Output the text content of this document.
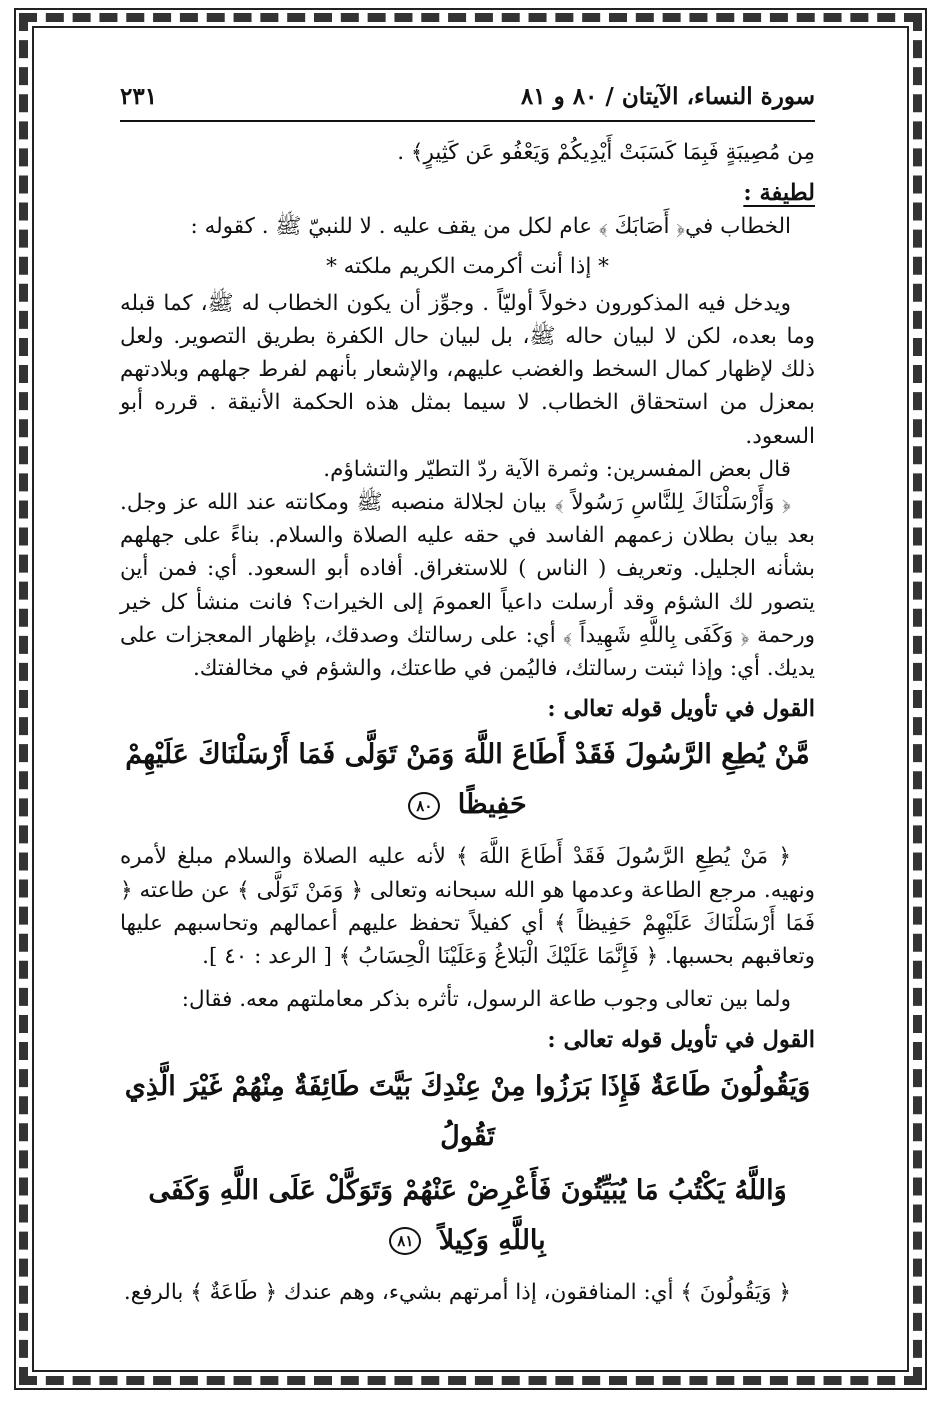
سورة النساء، الآيتان / ٨٠ و ٨١
٢٣١

مِن مُصِيبَةٍ فَبِمَا كَسَبَتْ أَيْدِيكُمْ وَيَعْفُو عَن كَثِيرٍ﴾ .

لطيفة :

الخطاب في﴿ أَصَابَكَ ﴾ عام لكل من يقف عليه . لا للنبيّ ﷺ . كقوله :

* إذا أنت أكرمت الكريم ملكته *

ويدخل فيه المذكورون دخولاً أوليّاً . وجوِّز أن يكون الخطاب له ﷺ، كما قبله وما بعده، لكن لا لبيان حاله ﷺ، بل لبيان حال الكفرة بطريق التصوير. ولعل ذلك لإظهار كمال السخط والغضب عليهم، والإشعار بأنهم لفرط جهلهم وبلادتهم بمعزل من استحقاق الخطاب. لا سيما بمثل هذه الحكمة الأنيقة . قرره أبو السعود.

قال بعض المفسرين: وثمرة الآية ردّ التطيّر والتشاؤم.

﴿ وَأَرْسَلْنَاكَ لِلنَّاسِ رَسُولاً ﴾ بيان لجلالة منصبه ﷺ ومكانته عند الله عز وجل. بعد بيان بطلان زعمهم الفاسد في حقه عليه الصلاة والسلام. بناءً على جهلهم بشأنه الجليل. وتعريف ( الناس ) للاستغراق. أفاده أبو السعود. أي: فمن أين يتصور لك الشؤم وقد أرسلت داعياً العمومَ إلى الخيرات؟ فانت منشأ كل خير ورحمة ﴿ وَكَفَى بِاللَّهِ شَهِيداً ﴾ أي: على رسالتك وصدقك، بإظهار المعجزات على يديك. أي: وإذا ثبتت رسالتك، فاليُمن في طاعتك، والشؤم في مخالفتك.

القول في تأويل قوله تعالى :

مَّنْ يُطِعِ الرَّسُولَ فَقَدْ أَطَاعَ اللَّهَ وَمَنْ تَوَلَّى فَمَا أَرْسَلْنَاكَ عَلَيْهِمْ حَفِيظًا ٨٠

﴿ مَنْ يُطِعِ الرَّسُولَ فَقَدْ أَطَاعَ اللَّهَ ﴾ لأنه عليه الصلاة والسلام مبلغ لأمره ونهيه. مرجع الطاعة وعدمها هو الله سبحانه وتعالى ﴿ وَمَنْ تَوَلَّى ﴾ عن طاعته ﴿ فَمَا أَرْسَلْنَاكَ عَلَيْهِمْ حَفِيظاً ﴾ أي كفيلاً تحفظ عليهم أعمالهم وتحاسبهم عليها وتعاقبهم بحسبها. ﴿ فَإِنَّمَا عَلَيْكَ الْبَلاغُ وَعَلَيْنَا الْحِسَابُ ﴾ [ الرعد : ٤٠ ].

ولما بين تعالى وجوب طاعة الرسول، تأثره بذكر معاملتهم معه. فقال:

القول في تأويل قوله تعالى :

وَيَقُولُونَ طَاعَةٌ فَإِذَا بَرَزُوا مِنْ عِنْدِكَ بَيَّتَ طَائِفَةٌ مِنْهُمْ غَيْرَ الَّذِي تَقُولُ

وَاللَّهُ يَكْتُبُ مَا يُبَيِّتُونَ فَأَعْرِضْ عَنْهُمْ وَتَوَكَّلْ عَلَى اللَّهِ وَكَفَى بِاللَّهِ وَكِيلاً ٨١

﴿ وَيَقُولُونَ ﴾ أي: المنافقون، إذا أمرتهم بشيء، وهم عندك ﴿ طَاعَةٌ ﴾ بالرفع.
